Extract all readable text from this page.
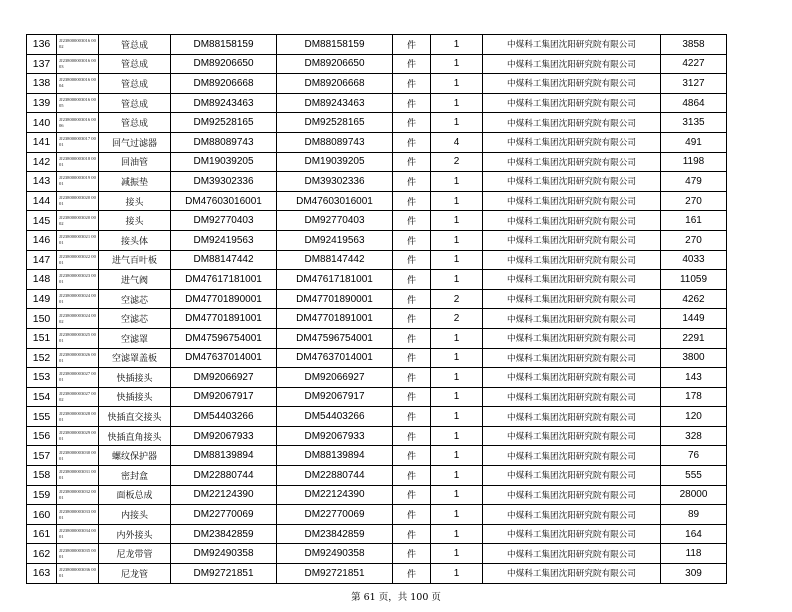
136	JJ238000003016 0002	管总成	DM88158159	DM88158159	件	1	中煤科工集团沈阳研究院有限公司	3858
137	JJ238000003016 0003	管总成	DM89206650	DM89206650	件	1	中煤科工集团沈阳研究院有限公司	4227
138	JJ238000003016 0004	管总成	DM89206668	DM89206668	件	1	中煤科工集团沈阳研究院有限公司	3127
139	JJ238000003016 0005	管总成	DM89243463	DM89243463	件	1	中煤科工集团沈阳研究院有限公司	4864
140	JJ238000003016 0006	管总成	DM92528165	DM92528165	件	1	中煤科工集团沈阳研究院有限公司	3135
141	JJ238000003017 0001	回气过滤器	DM88089743	DM88089743	件	4	中煤科工集团沈阳研究院有限公司	491
142	JJ238000003018 0001	回油管	DM19039205	DM19039205	件	2	中煤科工集团沈阳研究院有限公司	1198
143	JJ238000003019 0001	减振垫	DM39302336	DM39302336	件	1	中煤科工集团沈阳研究院有限公司	479
144	JJ238000003020 0001	接头	DM47603016001	DM47603016001	件	1	中煤科工集团沈阳研究院有限公司	270
145	JJ238000003020 0002	接头	DM92770403	DM92770403	件	1	中煤科工集团沈阳研究院有限公司	161
146	JJ238000003021 0001	接头体	DM92419563	DM92419563	件	1	中煤科工集团沈阳研究院有限公司	270
147	JJ238000003022 0001	进气百叶板	DM88147442	DM88147442	件	1	中煤科工集团沈阳研究院有限公司	4033
148	JJ238000003023 0001	进气阀	DM47617181001	DM47617181001	件	1	中煤科工集团沈阳研究院有限公司	11059
149	JJ238000003024 0001	空滤芯	DM47701890001	DM47701890001	件	2	中煤科工集团沈阳研究院有限公司	4262
150	JJ238000003024 0002	空滤芯	DM47701891001	DM47701891001	件	2	中煤科工集团沈阳研究院有限公司	1449
151	JJ238000003025 0001	空滤罩	DM47596754001	DM47596754001	件	1	中煤科工集团沈阳研究院有限公司	2291
152	JJ238000003026 0001	空滤罩盖板	DM47637014001	DM47637014001	件	1	中煤科工集团沈阳研究院有限公司	3800
153	JJ238000003027 0001	快插接头	DM92066927	DM92066927	件	1	中煤科工集团沈阳研究院有限公司	143
154	JJ238000003027 0002	快插接头	DM92067917	DM92067917	件	1	中煤科工集团沈阳研究院有限公司	178
155	JJ238000003028 0001	快插直交接头	DM54403266	DM54403266	件	1	中煤科工集团沈阳研究院有限公司	120
156	JJ238000003029 0001	快插直角接头	DM92067933	DM92067933	件	1	中煤科工集团沈阳研究院有限公司	328
157	JJ238000003030 0001	螺纹保护器	DM88139894	DM88139894	件	1	中煤科工集团沈阳研究院有限公司	76
158	JJ238000003031 0001	密封盒	DM22880744	DM22880744	件	1	中煤科工集团沈阳研究院有限公司	555
159	JJ238000003032 0001	面板总成	DM22124390	DM22124390	件	1	中煤科工集团沈阳研究院有限公司	28000
160	JJ238000003033 0001	内接头	DM22770069	DM22770069	件	1	中煤科工集团沈阳研究院有限公司	89
161	JJ238000003034 0001	内外接头	DM23842859	DM23842859	件	1	中煤科工集团沈阳研究院有限公司	164
162	JJ238000003035 0001	尼龙带管	DM92490358	DM92490358	件	1	中煤科工集团沈阳研究院有限公司	118
163	JJ238000003036 0001	尼龙管	DM92721851	DM92721851	件	1	中煤科工集团沈阳研究院有限公司	309
第 61 页，共 100 页
